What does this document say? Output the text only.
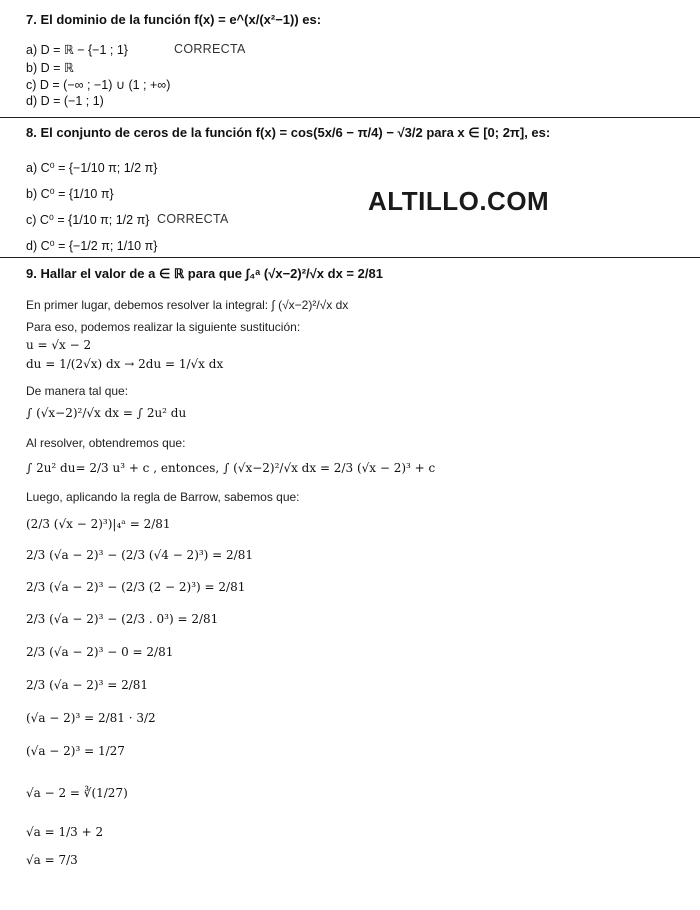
7. El dominio de la función f(x) = e^(x/(x²−1)) es:
a) D = ℝ − {−1 ; 1}	CORRECTA
b) D = ℝ
c) D = (−∞ ; −1) ∪ (1 ; +∞)
d) D = (−1 ; 1)
8. El conjunto de ceros de la función f(x) = cos(5x/6 − π/4) − √3/2 para x ∈ [0; 2π], es:
a) C⁰ = {−1/10 π; 1/2 π}
b) C⁰ = {1/10 π}
c) C⁰ = {1/10 π; 1/2 π} CORRECTA
d) C⁰ = {−1/2 π; 1/10 π}
ALTILLO.COM
9. Hallar el valor de a ∈ ℝ para que ∫₄ᵃ (√x−2)²/√x dx = 2/81
En primer lugar, debemos resolver la integral: ∫ (√x−2)²/√x dx
Para eso, podemos realizar la siguiente sustitución:
u = √x − 2
du = 1/(2√x) dx → 2du = 1/√x dx
De manera tal que:
∫ (√x−2)²/√x dx = ∫ 2u² du
Al resolver, obtendremos que:
∫ 2u² du= 2/3 u³ + c , entonces, ∫ (√x−2)²/√x dx = 2/3 (√x − 2)³ + c
Luego, aplicando la regla de Barrow, sabemos que:
(2/3 (√x − 2)³)|₄ᵃ = 2/81
2/3 (√a − 2)³ − (2/3 (√4 − 2)³) = 2/81
2/3 (√a − 2)³ − (2/3 (2 − 2)³) = 2/81
2/3 (√a − 2)³ − (2/3 . 0³) = 2/81
2/3 (√a − 2)³ − 0 = 2/81
2/3 (√a − 2)³ = 2/81
(√a − 2)³ = 2/81 · 3/2
(√a − 2)³ = 1/27
√a − 2 = ∛(1/27)
√a = 1/3 + 2
√a = 7/3
